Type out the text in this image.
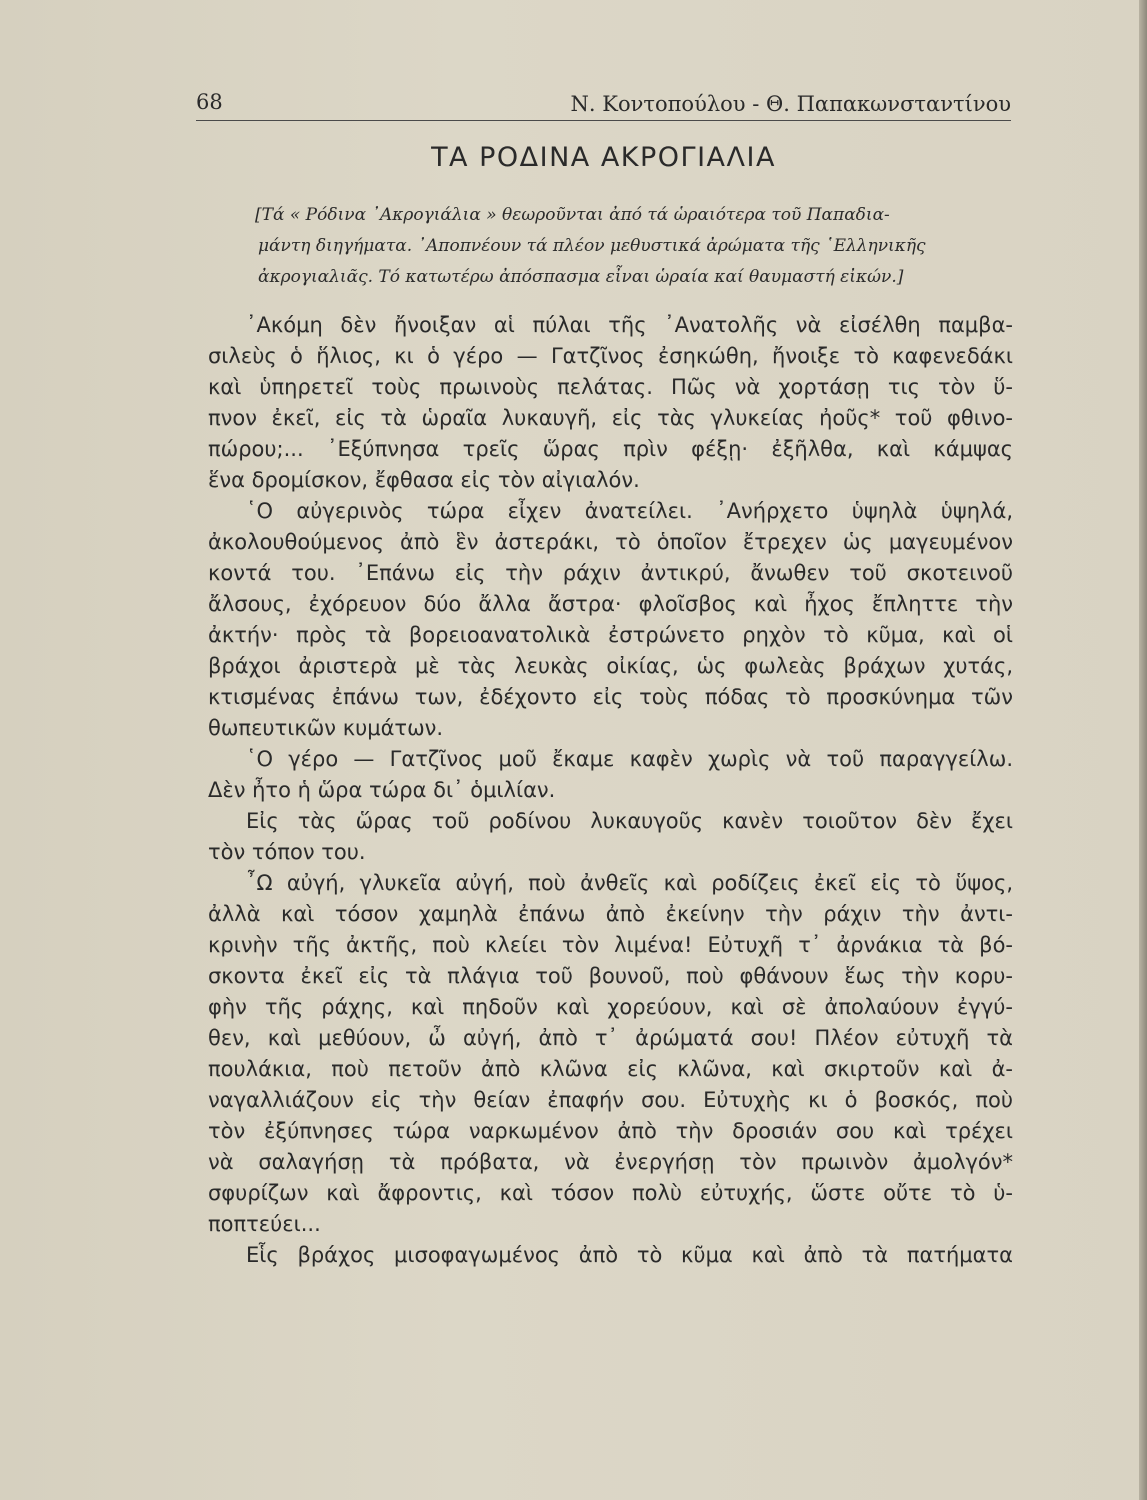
68	Ν. Κοντοπούλου - Θ. Παπακωνσταντίνου
ΤΑ ΡΟΔΙΝΑ ΑΚΡΟΓΙΑΛΙΑ

[Τά « Ρόδινα ᾽Ακρογιάλια » θεωροῦνται ἀπό τά ὡραιότερα τοῦ Παπαδια-
μάντη διηγήματα. ᾽Αποπνέουν τά πλέον μεθυστικά ἀρώματα τῆς ῾Ελληνικῆς
ἀκρογιαλιᾶς. Τό κατωτέρω ἀπόσπασμα εἶναι ὡραία καί θαυμαστή εἰκών.]

᾽Ακόμη δὲν ἤνοιξαν αἱ πύλαι τῆς ᾽Ανατολῆς νὰ εἰσέλθη παμβα-
σιλεὺς ὁ ἥλιος, κι ὁ γέρο — Γατζῖνος ἐσηκώθη, ἤνοιξε τὸ καφενεδάκι
καὶ ὑπηρετεῖ τοὺς πρωινοὺς πελάτας. Πῶς νὰ χορτάσῃ τις τὸν ὕ-
πνον ἐκεῖ, εἰς τὰ ὡραῖα λυκαυγῆ, εἰς τὰς γλυκείας ἠοῦς* τοῦ φθινο-
πώρου;... ᾽Εξύπνησα τρεῖς ὥρας πρὶν φέξῃ· ἐξῆλθα, καὶ κάμψας
ἕνα δρομίσκον, ἔφθασα εἰς τὸν αἰγιαλόν.
῾Ο αὐγερινὸς τώρα εἶχεν ἀνατείλει. ᾽Ανήρχετο ὑψηλὰ ὑψηλά,
ἀκολουθούμενος ἀπὸ ἓν ἀστεράκι, τὸ ὁποῖον ἔτρεχεν ὡς μαγευμένον
κοντά του. ᾽Επάνω εἰς τὴν ράχιν ἀντικρύ, ἄνωθεν τοῦ σκοτεινοῦ
ἄλσους, ἐχόρευον δύο ἄλλα ἄστρα· φλοῖσβος καὶ ἦχος ἔπληττε τὴν
ἀκτήν· πρὸς τὰ βορειοανατολικὰ ἐστρώνετο ρηχὸν τὸ κῦμα, καὶ οἱ
βράχοι ἀριστερὰ μὲ τὰς λευκὰς οἰκίας, ὡς φωλεὰς βράχων χυτάς,
κτισμένας ἐπάνω των, ἐδέχοντο εἰς τοὺς πόδας τὸ προσκύνημα τῶν
θωπευτικῶν κυμάτων.
῾Ο γέρο — Γατζῖνος μοῦ ἔκαμε καφὲν χωρὶς νὰ τοῦ παραγγείλω.
Δὲν ἦτο ἡ ὥρα τώρα δι᾽ ὁμιλίαν.
Εἰς τὰς ὥρας τοῦ ροδίνου λυκαυγοῦς κανὲν τοιοῦτον δὲν ἔχει
τὸν τόπον του.
῏Ω αὐγή, γλυκεῖα αὐγή, ποὺ ἀνθεῖς καὶ ροδίζεις ἐκεῖ εἰς τὸ ὕψος,
ἀλλὰ καὶ τόσον χαμηλὰ ἐπάνω ἀπὸ ἐκείνην τὴν ράχιν τὴν ἀντι-
κρινὴν τῆς ἀκτῆς, ποὺ κλείει τὸν λιμένα! Εὐτυχῆ τ᾽ ἀρνάκια τὰ βό-
σκοντα ἐκεῖ εἰς τὰ πλάγια τοῦ βουνοῦ, ποὺ φθάνουν ἕως τὴν κορυ-
φὴν τῆς ράχης, καὶ πηδοῦν καὶ χορεύουν, καὶ σὲ ἀπολαύουν ἐγγύ-
θεν, καὶ μεθύουν, ὦ αὐγή, ἀπὸ τ᾽ ἀρώματά σου! Πλέον εὐτυχῆ τὰ
πουλάκια, ποὺ πετοῦν ἀπὸ κλῶνα εἰς κλῶνα, καὶ σκιρτοῦν καὶ ἀ-
ναγαλλιάζουν εἰς τὴν θείαν ἐπαφήν σου. Εὐτυχὴς κι ὁ βοσκός, ποὺ
τὸν ἐξύπνησες τώρα ναρκωμένον ἀπὸ τὴν δροσιάν σου καὶ τρέχει
νὰ σαλαγήσῃ τὰ πρόβατα, νὰ ἐνεργήσῃ τὸν πρωινὸν ἀμολγόν*
σφυρίζων καὶ ἄφροντις, καὶ τόσον πολὺ εὐτυχής, ὥστε οὔτε τὸ ὑ-
ποπτεύει...
Εἷς βράχος μισοφαγωμένος ἀπὸ τὸ κῦμα καὶ ἀπὸ τὰ πατήματα
